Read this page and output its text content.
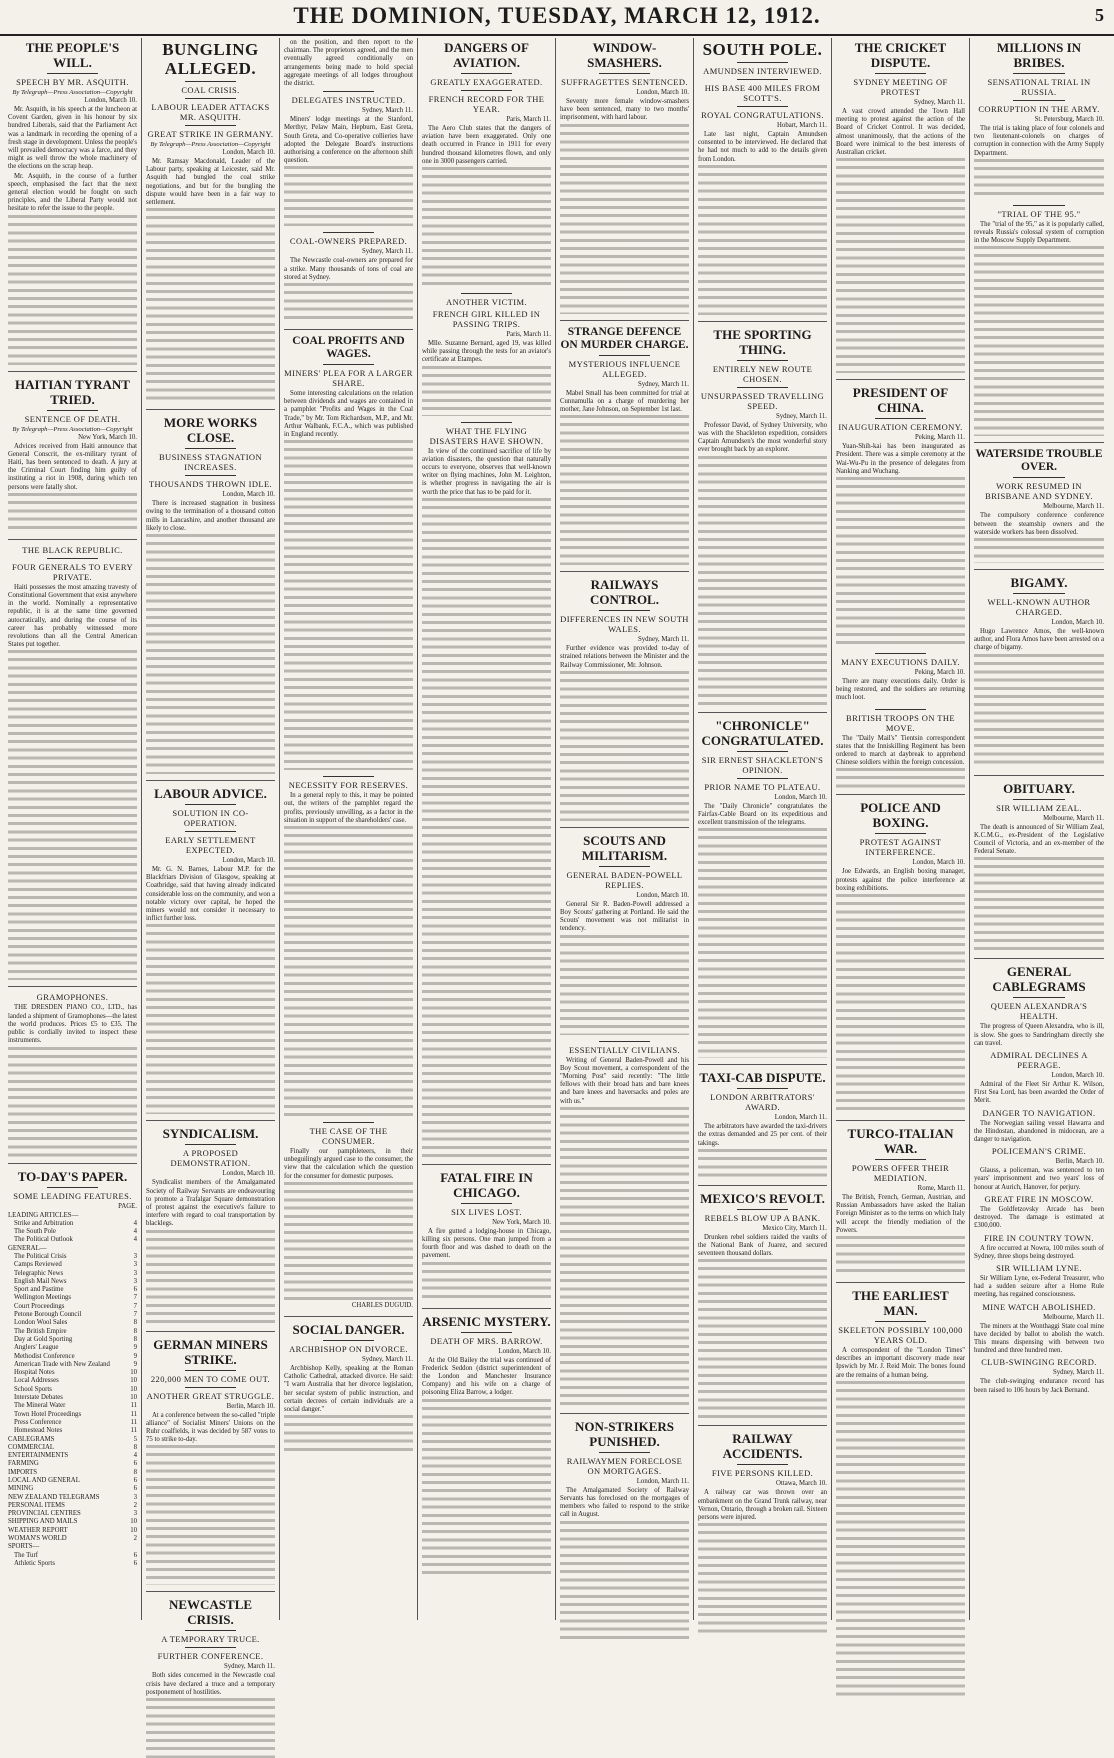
THE DOMINION, TUESDAY, MARCH 12, 1912.	5
THE PEOPLE'S WILL.
SPEECH BY MR. ASQUITH.
By Telegraph—Press Association—Copyright
London, March 10.

Mr. Asquith, in his speech at the luncheon at Covent Garden, given in his honour by six hundred Liberals, said that the Parliament Act was a landmark in recording the opening of a fresh stage in development. Unless the people's will prevailed democracy was a farce, and they might as well throw the whole machinery of the elections on the scrap heap.

Mr. Asquith, in the course of a further speech, emphasised the fact that the next general election would be fought on such principles, and the Liberal Party would not hesitate to refer the issue to the people.

HAITIAN TYRANT TRIED.
SENTENCE OF DEATH.
By Telegraph—Press Association—Copyright
New York, March 10.

Advices received from Haiti announce that General Conscrit, the ex-military tyrant of Haiti, has been sentenced to death. A jury at the Criminal Court finding him guilty of instituting a riot in 1908, during which ten persons were fatally shot.

THE BLACK REPUBLIC.
FOUR GENERALS TO EVERY PRIVATE.

Haiti possesses the most amazing travesty of Constitutional Government that exist anywhere in the world. Nominally a representative republic, it is at the same time governed autocratically, and during the course of its career has probably witnessed more revolutions than all the Central American States put together.

GRAMOPHONES.

THE DRESDEN PIANO CO., LTD., has landed a shipment of Gramophones—the latest the world produces. Prices £5 to £35. The public is cordially invited to inspect these instruments.

TO-DAY'S PAPER.
SOME LEADING FEATURES.
PAGE.
LEADING ARTICLES—
Strike and Arbitration	4
The South Pole	4
The Political Outlook	4
GENERAL—
The Political Crisis	3
Camps Reviewed	3
Telegraphic News	3
English Mail News	3
Sport and Pastime	6
Wellington Meetings	7
Court Proceedings	7
Petone Borough Council	7
London Wool Sales	8
The British Empire	8
Day at Gold Sporting	8
Anglers' League	9
Methodist Conference	9
American Trade with New Zealand	9
Hospital Notes	10
Local Addresses	10
School Sports	10
Interstate Debates	10
The Mineral Water	11
Town Hotel Proceedings	11
Press Conference	11
Homestead Notes	11
CABLEGRAMS	5
COMMERCIAL	8
ENTERTAINMENTS	4
FARMING	6
IMPORTS	8
LOCAL AND GENERAL	6
MINING	6
NEW ZEALAND TELEGRAMS	3
PERSONAL ITEMS	2
PROVINCIAL CENTRES	3
SHIPPING AND MAILS	10
WEATHER REPORT	10
WOMAN'S WORLD	2
SPORTS—
The Turf	6
Athletic Sports	6
BUNGLING ALLEGED.
COAL CRISIS.
LABOUR LEADER ATTACKS MR. ASQUITH.
GREAT STRIKE IN GERMANY.
By Telegraph—Press Association—Copyright
London, March 10.

Mr. Ramsay Macdonald, Leader of the Labour party, speaking at Leicester, said Mr. Asquith had bungled the coal strike negotiations, and but for the bungling the dispute would have been in a fair way to settlement.

MORE WORKS CLOSE.
BUSINESS STAGNATION INCREASES.
THOUSANDS THROWN IDLE.
London, March 10.

There is increased stagnation in business owing to the termination of a thousand cotton mills in Lancashire, and another thousand are likely to close.

LABOUR ADVICE.
SOLUTION IN CO-OPERATION.
EARLY SETTLEMENT EXPECTED.
London, March 10.

Mr. G. N. Barnes, Labour M.P. for the Blackfriars Division of Glasgow, speaking at Coatbridge, said that having already indicated considerable loss on the community, and won a notable victory over capital, he hoped the miners would not consider it necessary to inflict further loss.

SYNDICALISM.
A PROPOSED DEMONSTRATION.
London, March 10.

Syndicalist members of the Amalgamated Society of Railway Servants are endeavouring to promote a Trafalgar Square demonstration of protest against the executive's failure to interfere with regard to coal transportation by blacklegs.

GERMAN MINERS STRIKE.
220,000 MEN TO COME OUT.
ANOTHER GREAT STRUGGLE.
Berlin, March 10.

At a conference between the so-called "triple alliance" of Socialist Miners' Unions on the Ruhr coalfields, it was decided by 587 votes to 75 to strike to-day.

NEWCASTLE CRISIS.
A TEMPORARY TRUCE.
FURTHER CONFERENCE.
Sydney, March 11.

Both sides concerned in the Newcastle coal crisis have declared a truce and a temporary postponement of hostilities.

on the position, and then report to the chairman. The proprietors agreed, and the men eventually agreed conditionally on arrangements being made to hold special aggregate meetings of all lodges throughout the district.

DELEGATES INSTRUCTED.
Sydney, March 11.

Miners' lodge meetings at the Stanford, Merthyr, Pelaw Main, Hepburn, East Greta, South Greta, and Co-operative collieries have adopted the Delegate Board's instructions authorising a conference on the afternoon shift question.

COAL-OWNERS PREPARED.
Sydney, March 11.

The Newcastle coal-owners are prepared for a strike. Many thousands of tons of coal are stored at Sydney.

COAL PROFITS AND WAGES.
MINERS' PLEA FOR A LARGER SHARE.

Some interesting calculations on the relation between dividends and wages are contained in a pamphlet "Profits and Wages in the Coal Trade," by Mr. Tom Richardson, M.P., and Mr. Arthur Walbank, F.C.A., which was published in England recently.

NECESSITY FOR RESERVES.

In a general reply to this, it may be pointed out, the writers of the pamphlet regard the profits, previously unwilling, as a factor in the situation in support of the shareholders' case.

THE CASE OF THE CONSUMER.

Finally our pamphleteers, in their unbeguilingly argued case to the consumer, the view that the calculation which the question for the consumer for domestic purposes.

CHARLES DUGUID.
SOCIAL DANGER.
ARCHBISHOP ON DIVORCE.
Sydney, March 11.

Archbishop Kelly, speaking at the Roman Catholic Cathedral, attacked divorce. He said: "I warn Australia that her divorce legislation, her secular system of public instruction, and certain decrees of certain individuals are a social danger."

DANGERS OF AVIATION.
GREATLY EXAGGERATED.
FRENCH RECORD FOR THE YEAR.
Paris, March 11.

The Aero Club states that the dangers of aviation have been exaggerated. Only one death occurred in France in 1911 for every hundred thousand kilometres flown, and only one in 3000 passengers carried.

ANOTHER VICTIM.
FRENCH GIRL KILLED IN PASSING TRIPS.
Paris, March 11.

Mlle. Suzanne Bernard, aged 19, was killed while passing through the tests for an aviator's certificate at Etampes.

WHAT THE FLYING DISASTERS HAVE SHOWN.

In view of the continued sacrifice of life by aviation disasters, the question that naturally occurs to everyone, observes that well-known writer on flying machines, John M. Leighton, is whether progress in navigating the air is worth the price that has to be paid for it.

FATAL FIRE IN CHICAGO.
SIX LIVES LOST.
New York, March 10.

A fire gutted a lodging-house in Chicago, killing six persons. One man jumped from a fourth floor and was dashed to death on the pavement.

ARSENIC MYSTERY.
DEATH OF MRS. BARROW.
London, March 10.

At the Old Bailey the trial was continued of Frederick Seddon (district superintendent of the London and Manchester Insurance Company) and his wife on a charge of poisoning Eliza Barrow, a lodger.

WINDOW-SMASHERS.
SUFFRAGETTES SENTENCED.
London, March 10.

Seventy more female window-smashers have been sentenced, many to two months' imprisonment, with hard labour.

STRANGE DEFENCE ON MURDER CHARGE.
MYSTERIOUS INFLUENCE ALLEGED.
Sydney, March 11.

Mabel Small has been committed for trial at Cunnamulla on a charge of murdering her mother, Jane Johnson, on September 1st last.

RAILWAYS CONTROL.
DIFFERENCES IN NEW SOUTH WALES.
Sydney, March 11.

Further evidence was provided to-day of strained relations between the Minister and the Railway Commissioner, Mr. Johnson.

SCOUTS AND MILITARISM.
GENERAL BADEN-POWELL REPLIES.
London, March 10.

General Sir R. Baden-Powell addressed a Boy Scouts' gathering at Portland. He said the Scouts' movement was not militarist in tendency.

ESSENTIALLY CIVILIANS.

Writing of General Baden-Powell and his Boy Scout movement, a correspondent of the "Morning Post" said recently: "The little fellows with their broad hats and bare knees and bare knees and haversacks and poles are with us."

NON-STRIKERS PUNISHED.
RAILWAYMEN FORECLOSE ON MORTGAGES.
London, March 11.

The Amalgamated Society of Railway Servants has foreclosed on the mortgages of members who failed to respond to the strike call in August.

SOUTH POLE.
AMUNDSEN INTERVIEWED.
HIS BASE 400 MILES FROM SCOTT'S.
ROYAL CONGRATULATIONS.
Hobart, March 11.

Late last night, Captain Amundsen consented to be interviewed. He declared that he had not much to add to the details given from London.

THE SPORTING THING.
ENTIRELY NEW ROUTE CHOSEN.
UNSURPASSED TRAVELLING SPEED.
Sydney, March 11.

Professor David, of Sydney University, who was with the Shackleton expedition, considers Captain Amundsen's the most wonderful story ever brought back by an explorer.

"CHRONICLE" CONGRATULATED.
SIR ERNEST SHACKLETON'S OPINION.
PRIOR NAME TO PLATEAU.
London, March 10.

The "Daily Chronicle" congratulates the Fairfax-Cable Board on its expeditious and excellent transmission of the telegrams.

TAXI-CAB DISPUTE.
LONDON ARBITRATORS' AWARD.
London, March 11.

The arbitrators have awarded the taxi-drivers the extras demanded and 25 per cent. of their takings.

MEXICO'S REVOLT.
REBELS BLOW UP A BANK.
Mexico City, March 11.

Drunken rebel soldiers raided the vaults of the National Bank of Juarez, and secured seventeen thousand dollars.

RAILWAY ACCIDENTS.
FIVE PERSONS KILLED.
Ottawa, March 10.

A railway car was thrown over an embankment on the Grand Trunk railway, near Vernon, Ontario, through a broken rail. Sixteen persons were injured.

THE CRICKET DISPUTE.
SYDNEY MEETING OF PROTEST
Sydney, March 11.

A vast crowd attended the Town Hall meeting to protest against the action of the Board of Cricket Control. It was decided, almost unanimously, that the actions of the Board were inimical to the best interests of Australian cricket.

PRESIDENT OF CHINA.
INAUGURATION CEREMONY.
Peking, March 11.

Yuan-Shih-kai has been inaugurated as President. There was a simple ceremony at the Wai-Wu-Pu in the presence of delegates from Nanking and Wuchang.

MANY EXECUTIONS DAILY.
Peking, March 10.

There are many executions daily. Order is being restored, and the soldiers are returning much loot.

BRITISH TROOPS ON THE MOVE.

The "Daily Mail's" Tientsin correspondent states that the Inniskilling Regiment has been ordered to march at daybreak to apprehend Chinese soldiers within the foreign concession.

POLICE AND BOXING.
PROTEST AGAINST INTERFERENCE.
London, March 10.

Joe Edwards, an English boxing manager, protests against the police interference at boxing exhibitions.

TURCO-ITALIAN WAR.
POWERS OFFER THEIR MEDIATION.
Rome, March 11.

The British, French, German, Austrian, and Russian Ambassadors have asked the Italian Foreign Minister as to the terms on which Italy will accept the friendly mediation of the Powers.

THE EARLIEST MAN.
SKELETON POSSIBLY 100,000 YEARS OLD.

A correspondent of the "London Times" describes an important discovery made near Ipswich by Mr. J. Reid Moir. The bones found are the remains of a human being.

MILLIONS IN BRIBES.
SENSATIONAL TRIAL IN RUSSIA.
CORRUPTION IN THE ARMY.
St. Petersburg, March 10.

The trial is taking place of four colonels and two lieutenant-colonels on charges of corruption in connection with the Army Supply Department.

"TRIAL OF THE 95."

The "trial of the 95," as it is popularly called, reveals Russia's colossal system of corruption in the Moscow Supply Department.

WATERSIDE TROUBLE OVER.
WORK RESUMED IN BRISBANE AND SYDNEY.
Melbourne, March 11.

The compulsory conference conference between the steamship owners and the waterside workers has been dissolved.

BIGAMY.
WELL-KNOWN AUTHOR CHARGED.
London, March 10.

Hugo Lawrence Amos, the well-known author, and Flora Amos have been arrested on a charge of bigamy.

OBITUARY.
SIR WILLIAM ZEAL.
Melbourne, March 11.

The death is announced of Sir William Zeal, K.C.M.G., ex-President of the Legislative Council of Victoria, and an ex-member of the Federal Senate.

GENERAL CABLEGRAMS
QUEEN ALEXANDRA'S HEALTH.

The progress of Queen Alexandra, who is ill, is slow. She goes to Sandringham directly she can travel.

ADMIRAL DECLINES A PEERAGE.
London, March 10.

Admiral of the Fleet Sir Arthur K. Wilson, First Sea Lord, has been awarded the Order of Merit.

DANGER TO NAVIGATION.

The Norwegian sailing vessel Hawarra and the Hindostan, abandoned in midocean, are a danger to navigation.

POLICEMAN'S CRIME.
Berlin, March 10.

Glauss, a policeman, was sentenced to ten years' imprisonment and two years' loss of honour at Aurich, Hanover, for perjury.

GREAT FIRE IN MOSCOW.

The Goldfetzovsky Arcade has been destroyed. The damage is estimated at £300,000.

FIRE IN COUNTRY TOWN.

A fire occurred at Nowra, 100 miles south of Sydney, three shops being destroyed.

SIR WILLIAM LYNE.

Sir William Lyne, ex-Federal Treasurer, who had a sudden seizure after a Home Rule meeting, has regained consciousness.

MINE WATCH ABOLISHED.
Melbourne, March 11.

The miners at the Wonthaggi State coal mine have decided by ballot to abolish the watch. This means dispensing with between two hundred and three hundred men.

CLUB-SWINGING RECORD.
Sydney, March 11.

The club-swinging endurance record has been raised to 106 hours by Jack Bernand.
